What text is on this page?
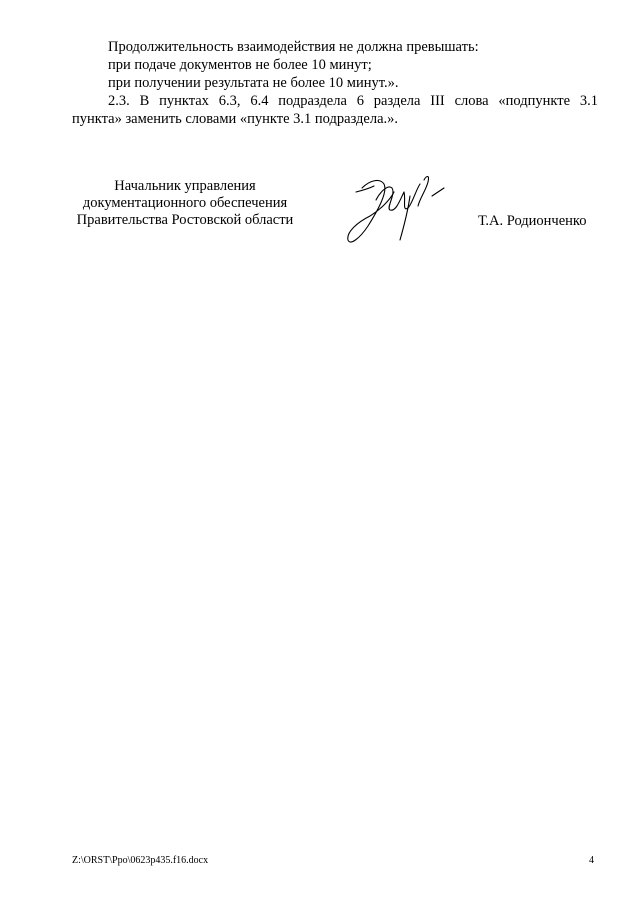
Продолжительность взаимодействия не должна превышать:
при подаче документов не более 10 минут;
при получении результата не более 10 минут.».
2.3. В пунктах 6.3, 6.4 подраздела 6 раздела III слова «подпункте 3.1
пункта» заменить словами «пункте 3.1 подраздела.».
Начальник управления
документационного обеспечения
Правительства Ростовской области	Т.А. Родионченко
Z:\ORST\Ppo\0623p435.f16.docx	4
